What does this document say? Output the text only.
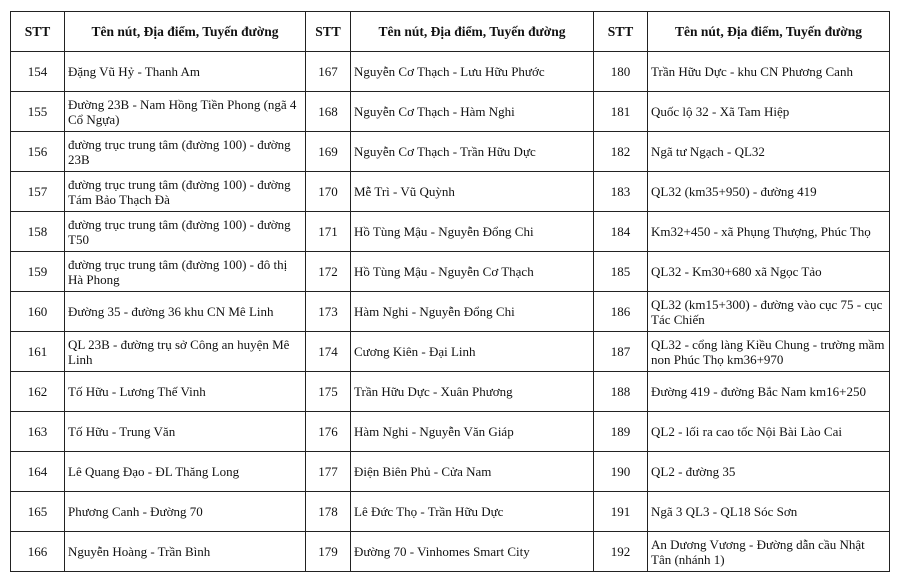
STT	Tên nút, Địa điểm, Tuyến đường	STT	Tên nút, Địa điểm, Tuyến đường	STT	Tên nút, Địa điểm, Tuyến đường
154	Đặng Vũ Hỷ - Thanh Am	167	Nguyễn Cơ Thạch - Lưu Hữu Phước	180	Trần Hữu Dực - khu CN Phương Canh
155	Đường 23B - Nam Hồng Tiền Phong (ngã 4 Cổ Ngựa)	168	Nguyễn Cơ Thạch - Hàm Nghi	181	Quốc lộ 32 - Xã Tam Hiệp
156	đường trục trung tâm (đường 100) - đường 23B	169	Nguyễn Cơ Thạch - Trần Hữu Dực	182	Ngã tư Ngạch - QL32
157	đường trục trung tâm (đường 100) - đường Tám Bảo Thạch Đà	170	Mễ Trì - Vũ Quỳnh	183	QL32 (km35+950) - đường 419
158	đường trục trung tâm (đường 100) - đường T50	171	Hồ Tùng Mậu - Nguyễn Đổng Chi	184	Km32+450 - xã Phụng Thượng, Phúc Thọ
159	đường trục trung tâm (đường 100) - đô thị Hà Phong	172	Hồ Tùng Mậu - Nguyễn Cơ Thạch	185	QL32 - Km30+680 xã Ngọc Tảo
160	Đường 35 - đường 36 khu CN Mê Linh	173	Hàm Nghi - Nguyễn Đổng Chi	186	QL32 (km15+300) - đường vào cục 75 - cục Tác Chiến
161	QL 23B - đường trụ sở Công an huyện Mê Linh	174	Cương Kiên - Đại Linh	187	QL32 - cổng làng Kiều Chung - trường mầm non Phúc Thọ km36+970
162	Tố Hữu - Lương Thế Vinh	175	Trần Hữu Dực - Xuân Phương	188	Đường 419 - đường Bắc Nam km16+250
163	Tố Hữu - Trung Văn	176	Hàm Nghi - Nguyễn Văn Giáp	189	QL2 - lối ra cao tốc Nội Bài Lào Cai
164	Lê Quang Đạo - ĐL Thăng Long	177	Điện Biên Phủ - Cửa Nam	190	QL2 - đường 35
165	Phương Canh - Đường 70	178	Lê Đức Thọ - Trần Hữu Dực	191	Ngã 3 QL3 - QL18 Sóc Sơn
166	Nguyễn Hoàng - Trần Bình	179	Đường 70 - Vinhomes Smart City	192	An Dương Vương - Đường dẫn cầu Nhật Tân (nhánh 1)
